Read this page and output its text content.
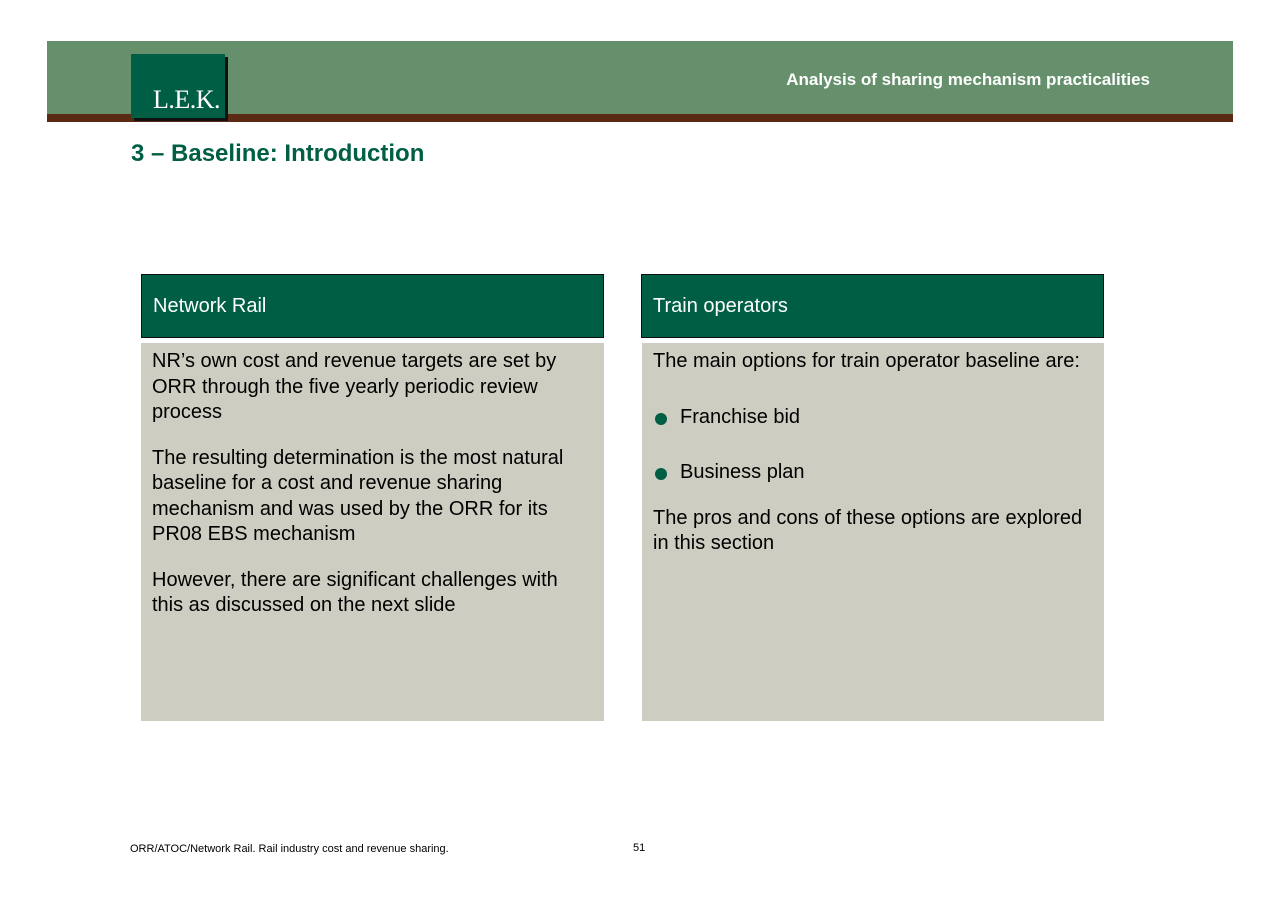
L.E.K.
Analysis of sharing mechanism practicalities
3 – Baseline: Introduction
Network Rail

NR’s own cost and revenue targets are set by ORR through the five yearly periodic review process

The resulting determination is the most natural baseline for a cost and revenue sharing mechanism and was used by the ORR for its PR08 EBS mechanism

However, there are significant challenges with this as discussed on the next slide

Train operators

The main options for train operator baseline are:

Franchise bid
Business plan

The pros and cons of these options are explored in this section

ORR/ATOC/Network Rail. Rail industry cost and revenue sharing.	51
